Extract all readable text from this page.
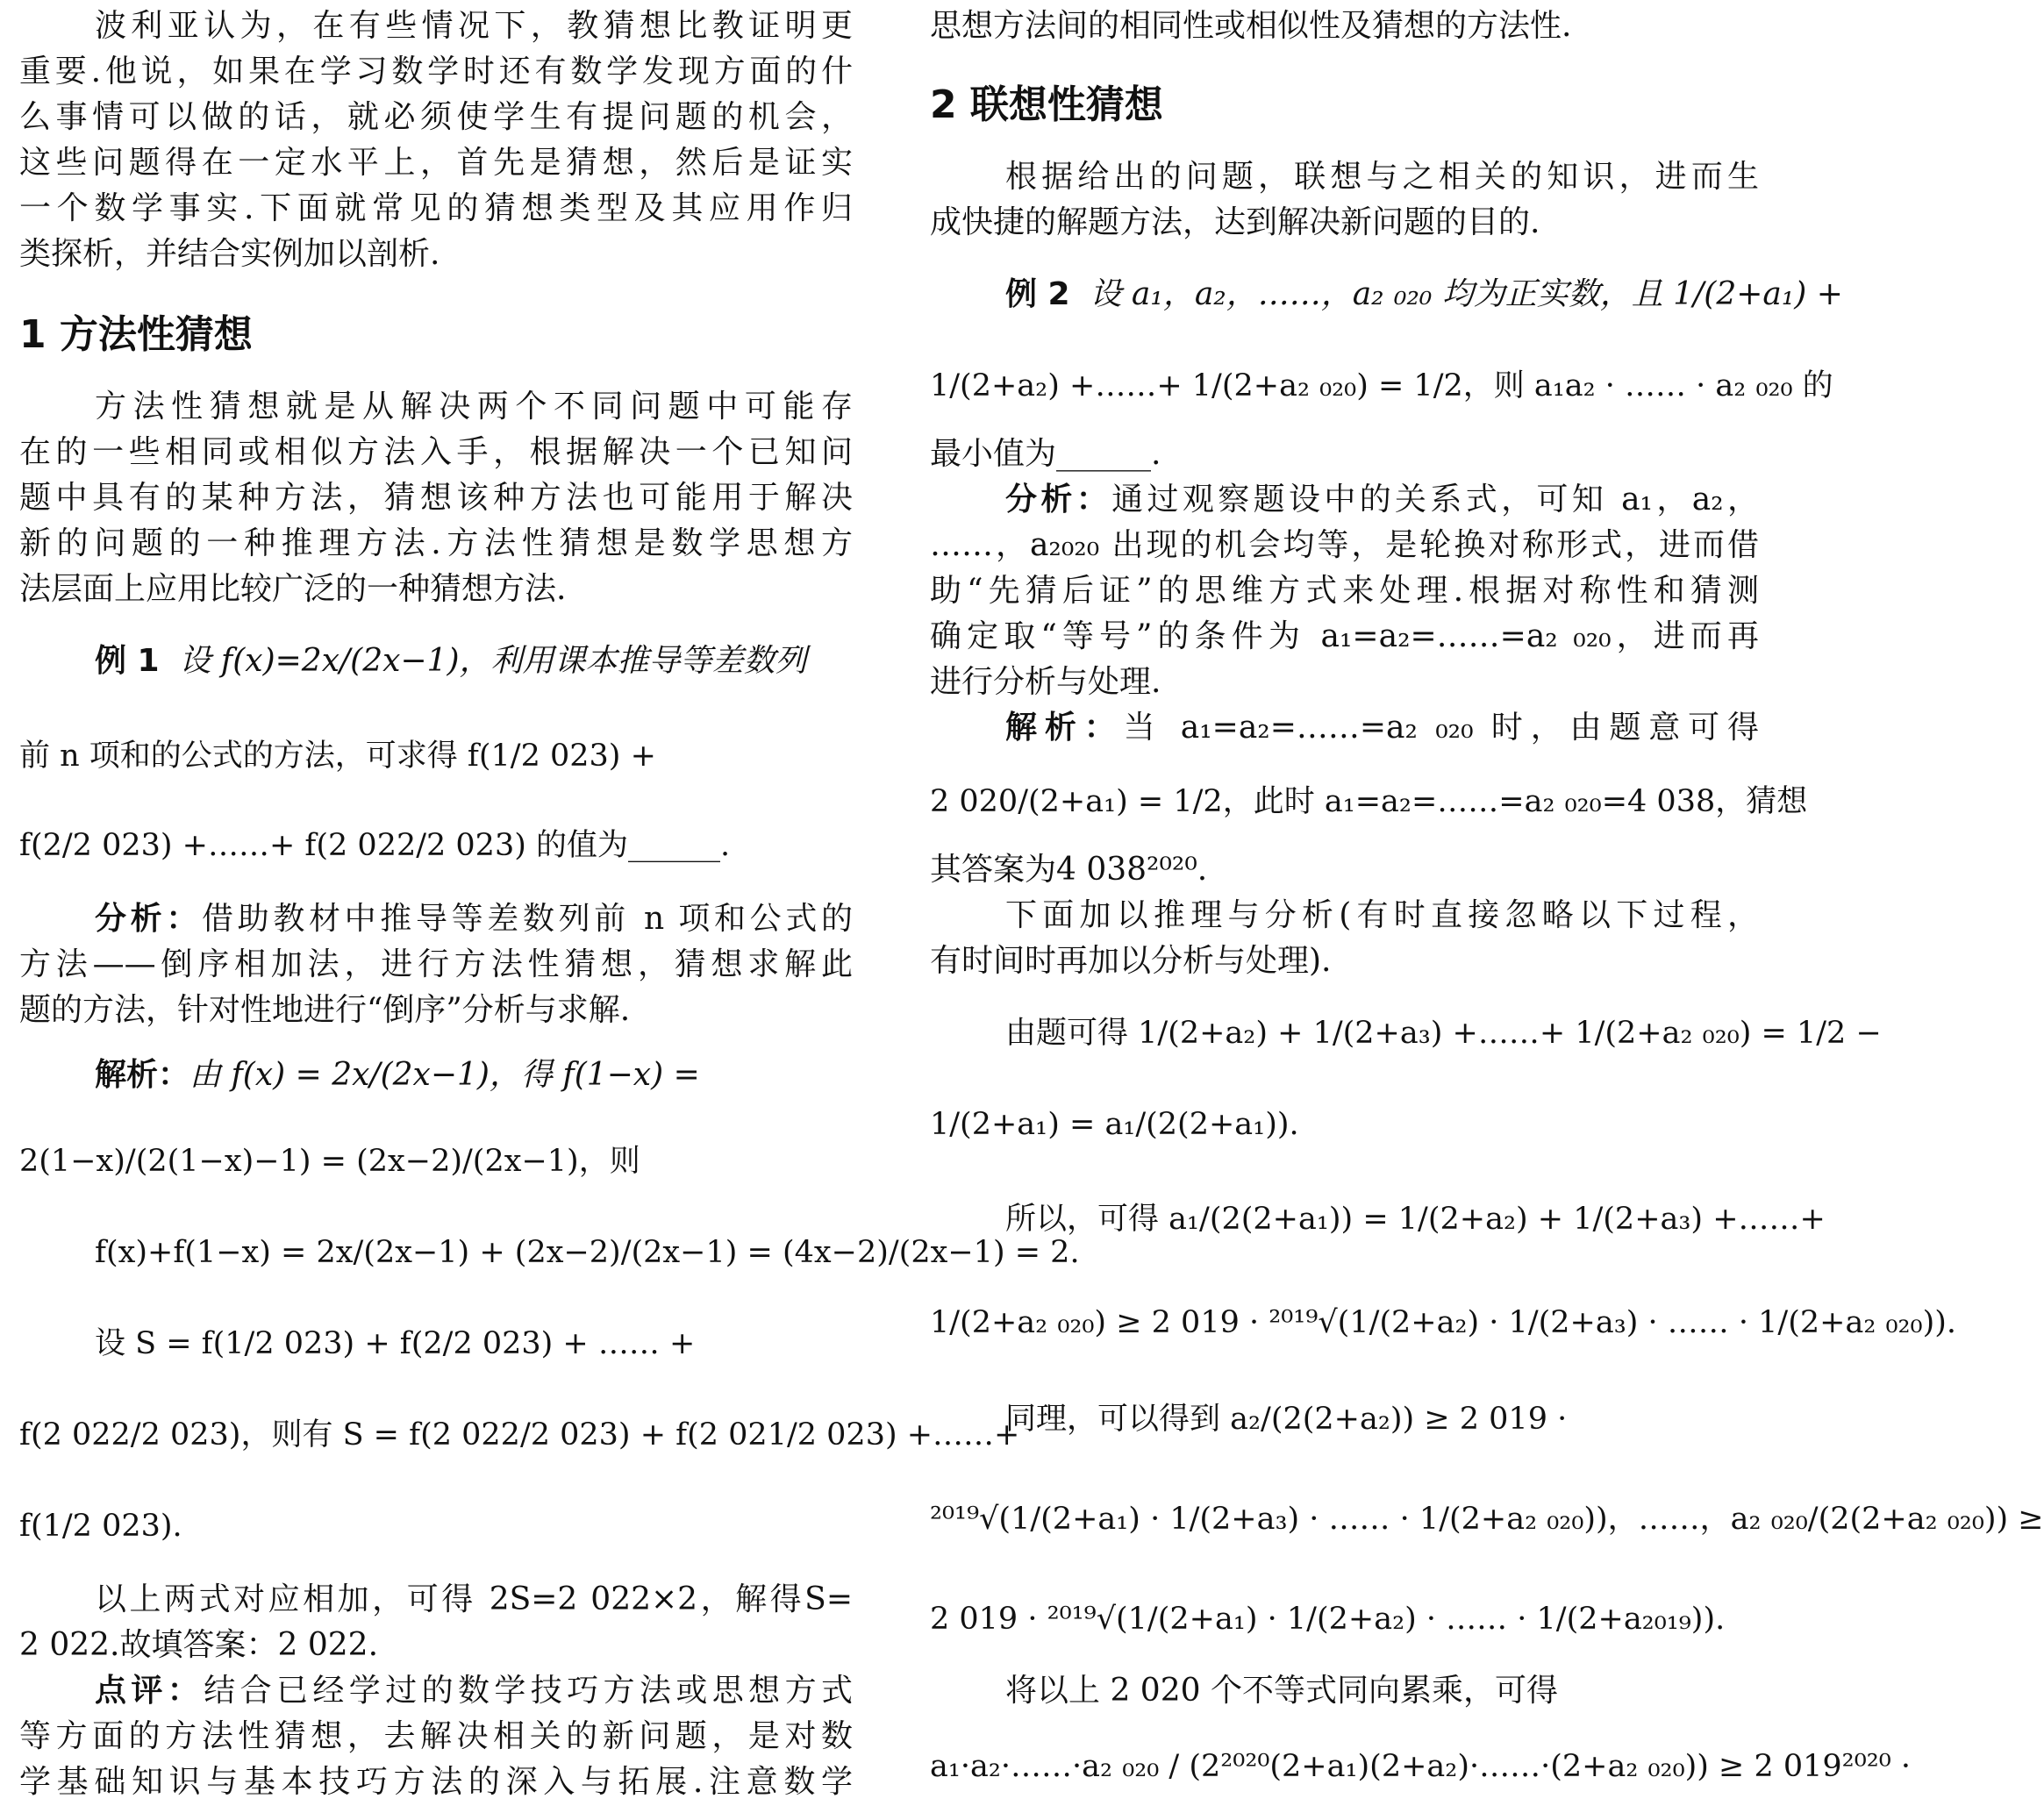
波利亚认为，在有些情况下，教猜想比教证明更
重要.他说，如果在学习数学时还有数学发现方面的什
么事情可以做的话，就必须使学生有提问题的机会，
这些问题得在一定水平上，首先是猜想，然后是证实
一个数学事实.下面就常见的猜想类型及其应用作归
类探析，并结合实例加以剖析.
1 方法性猜想
方法性猜想就是从解决两个不同问题中可能存
在的一些相同或相似方法入手，根据解决一个已知问
题中具有的某种方法，猜想该种方法也可能用于解决
新的问题的一种推理方法.方法性猜想是数学思想方
法层面上应用比较广泛的一种猜想方法.
例 1 设 f(x)=2x/(2x−1)，利用课本推导等差数列
前 n 项和的公式的方法，可求得 f(1/2 023) +
f(2/2 023) +……+ f(2 022/2 023) 的值为______.
分析：借助教材中推导等差数列前 n 项和公式的
方法——倒序相加法，进行方法性猜想，猜想求解此
题的方法，针对性地进行“倒序”分析与求解.
解析：由 f(x) = 2x/(2x−1)，得 f(1−x) =
2(1−x)/(2(1−x)−1) = (2x−2)/(2x−1)，则
f(x)+f(1−x) = 2x/(2x−1) + (2x−2)/(2x−1) = (4x−2)/(2x−1) = 2.
设 S = f(1/2 023) + f(2/2 023) + …… +
f(2 022/2 023)，则有 S = f(2 022/2 023) + f(2 021/2 023) +……+
f(1/2 023).
以上两式对应相加，可得 2S=2 022×2，解得S=
2 022.故填答案：2 022.
点评：结合已经学过的数学技巧方法或思想方式
等方面的方法性猜想，去解决相关的新问题，是对数
学基础知识与基本技巧方法的深入与拓展.注意数学
思想方法间的相同性或相似性及猜想的方法性.
2 联想性猜想
根据给出的问题，联想与之相关的知识，进而生
成快捷的解题方法，达到解决新问题的目的.
例 2 设 a₁，a₂，……，a₂ ₀₂₀ 均为正实数，且 1/(2+a₁) +
1/(2+a₂) +……+ 1/(2+a₂ ₀₂₀) = 1/2，则 a₁a₂ · …… · a₂ ₀₂₀ 的
最小值为______.
分析：通过观察题设中的关系式，可知 a₁，a₂，
……，a₂₀₂₀ 出现的机会均等，是轮换对称形式，进而借
助“先猜后证”的思维方式来处理.根据对称性和猜测
确定取“等号”的条件为 a₁=a₂=……=a₂ ₀₂₀，进而再
进行分析与处理.
解析：当 a₁=a₂=……=a₂ ₀₂₀ 时，由题意可得
2 020/(2+a₁) = 1/2，此时 a₁=a₂=……=a₂ ₀₂₀=4 038，猜想
其答案为4 038²⁰²⁰.
下面加以推理与分析(有时直接忽略以下过程，
有时间时再加以分析与处理).
由题可得 1/(2+a₂) + 1/(2+a₃) +……+ 1/(2+a₂ ₀₂₀) = 1/2 −
1/(2+a₁) = a₁/(2(2+a₁)).
所以，可得 a₁/(2(2+a₁)) = 1/(2+a₂) + 1/(2+a₃) +……+
1/(2+a₂ ₀₂₀) ≥ 2 019 · ²⁰¹⁹√(1/(2+a₂) · 1/(2+a₃) · …… · 1/(2+a₂ ₀₂₀)).
同理，可以得到 a₂/(2(2+a₂)) ≥ 2 019 ·
²⁰¹⁹√(1/(2+a₁) · 1/(2+a₃) · …… · 1/(2+a₂ ₀₂₀))，……，a₂ ₀₂₀/(2(2+a₂ ₀₂₀)) ≥
2 019 · ²⁰¹⁹√(1/(2+a₁) · 1/(2+a₂) · …… · 1/(2+a₂₀₁₉)).
将以上 2 020 个不等式同向累乘，可得
a₁·a₂·……·a₂ ₀₂₀ / (2²⁰²⁰(2+a₁)(2+a₂)·……·(2+a₂ ₀₂₀)) ≥ 2 019²⁰²⁰ ·
